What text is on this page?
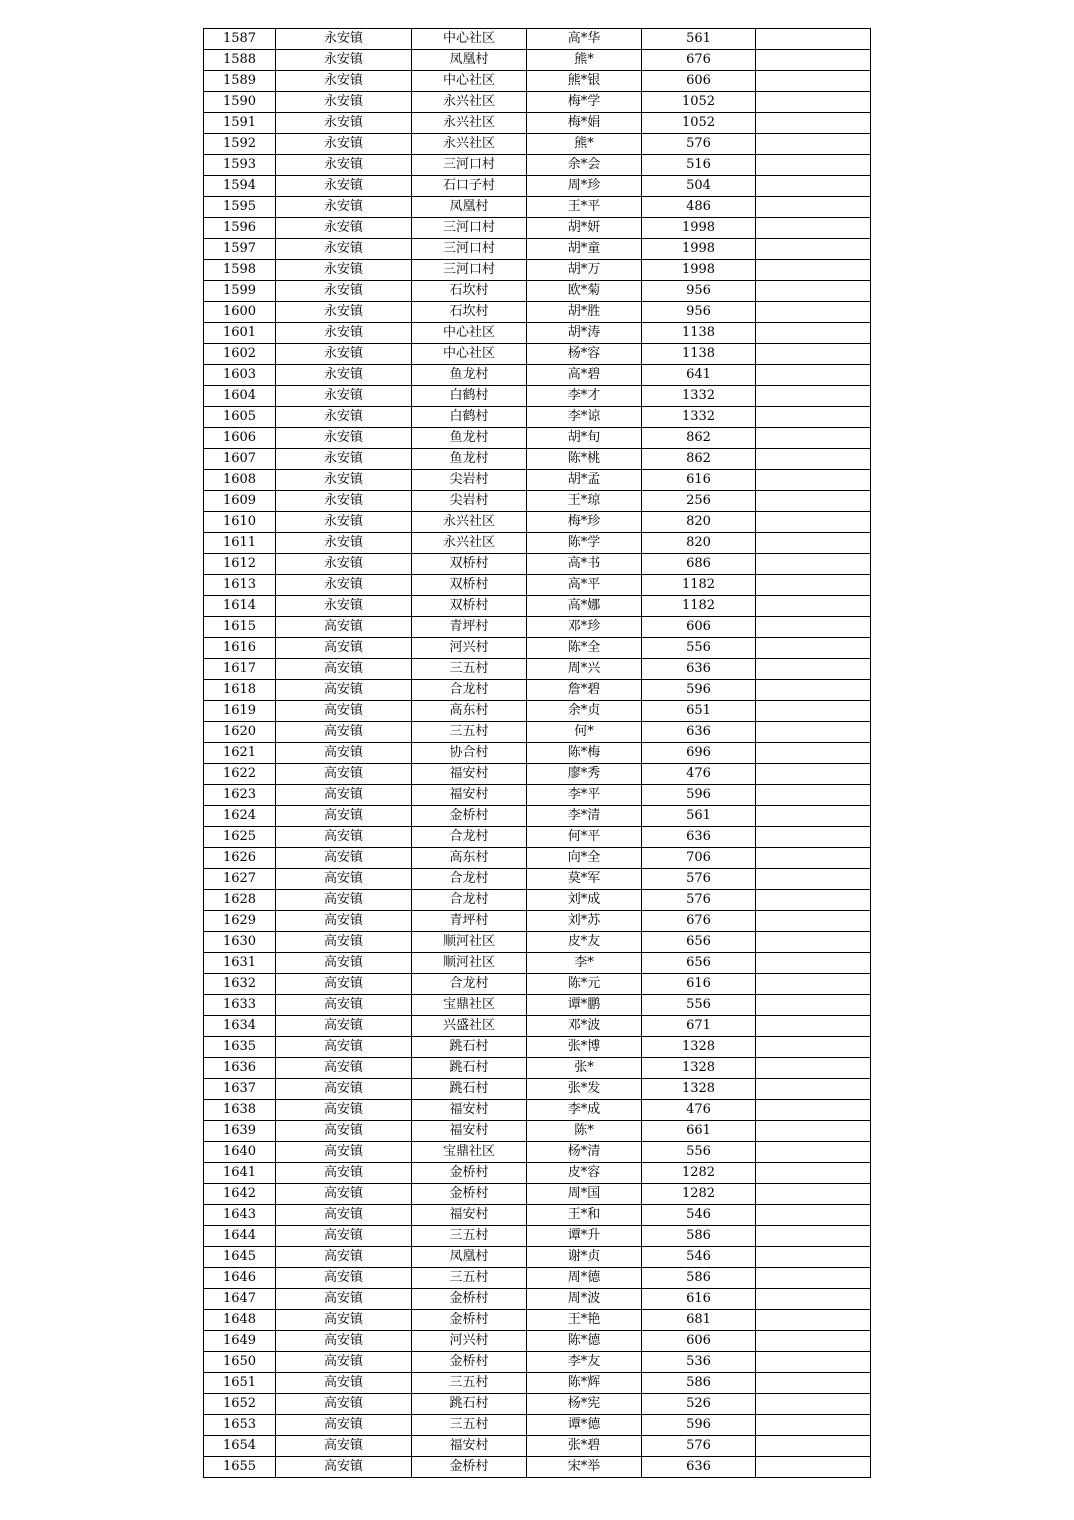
1587	永安镇	中心社区	高*华	561	
1588	永安镇	凤凰村	熊*	676	
1589	永安镇	中心社区	熊*银	606	
1590	永安镇	永兴社区	梅*学	1052	
1591	永安镇	永兴社区	梅*娟	1052	
1592	永安镇	永兴社区	熊*	576	
1593	永安镇	三河口村	余*会	516	
1594	永安镇	石口子村	周*珍	504	
1595	永安镇	凤凰村	王*平	486	
1596	永安镇	三河口村	胡*妍	1998	
1597	永安镇	三河口村	胡*童	1998	
1598	永安镇	三河口村	胡*万	1998	
1599	永安镇	石坎村	欧*菊	956	
1600	永安镇	石坎村	胡*胜	956	
1601	永安镇	中心社区	胡*涛	1138	
1602	永安镇	中心社区	杨*容	1138	
1603	永安镇	鱼龙村	高*碧	641	
1604	永安镇	白鹤村	李*才	1332	
1605	永安镇	白鹤村	李*谅	1332	
1606	永安镇	鱼龙村	胡*旬	862	
1607	永安镇	鱼龙村	陈*桃	862	
1608	永安镇	尖岩村	胡*孟	616	
1609	永安镇	尖岩村	王*琼	256	
1610	永安镇	永兴社区	梅*珍	820	
1611	永安镇	永兴社区	陈*学	820	
1612	永安镇	双桥村	高*书	686	
1613	永安镇	双桥村	高*平	1182	
1614	永安镇	双桥村	高*娜	1182	
1615	高安镇	青坪村	邓*珍	606	
1616	高安镇	河兴村	陈*全	556	
1617	高安镇	三五村	周*兴	636	
1618	高安镇	合龙村	詹*碧	596	
1619	高安镇	高东村	余*贞	651	
1620	高安镇	三五村	何*	636	
1621	高安镇	协合村	陈*梅	696	
1622	高安镇	福安村	廖*秀	476	
1623	高安镇	福安村	李*平	596	
1624	高安镇	金桥村	李*清	561	
1625	高安镇	合龙村	何*平	636	
1626	高安镇	高东村	向*全	706	
1627	高安镇	合龙村	莫*军	576	
1628	高安镇	合龙村	刘*成	576	
1629	高安镇	青坪村	刘*苏	676	
1630	高安镇	顺河社区	皮*友	656	
1631	高安镇	顺河社区	李*	656	
1632	高安镇	合龙村	陈*元	616	
1633	高安镇	宝鼎社区	谭*鹏	556	
1634	高安镇	兴盛社区	邓*波	671	
1635	高安镇	跳石村	张*博	1328	
1636	高安镇	跳石村	张*	1328	
1637	高安镇	跳石村	张*发	1328	
1638	高安镇	福安村	李*成	476	
1639	高安镇	福安村	陈*	661	
1640	高安镇	宝鼎社区	杨*清	556	
1641	高安镇	金桥村	皮*容	1282	
1642	高安镇	金桥村	周*国	1282	
1643	高安镇	福安村	王*和	546	
1644	高安镇	三五村	谭*升	586	
1645	高安镇	凤凰村	谢*贞	546	
1646	高安镇	三五村	周*德	586	
1647	高安镇	金桥村	周*波	616	
1648	高安镇	金桥村	王*艳	681	
1649	高安镇	河兴村	陈*德	606	
1650	高安镇	金桥村	李*友	536	
1651	高安镇	三五村	陈*辉	586	
1652	高安镇	跳石村	杨*宪	526	
1653	高安镇	三五村	谭*德	596	
1654	高安镇	福安村	张*碧	576	
1655	高安镇	金桥村	宋*举	636	
